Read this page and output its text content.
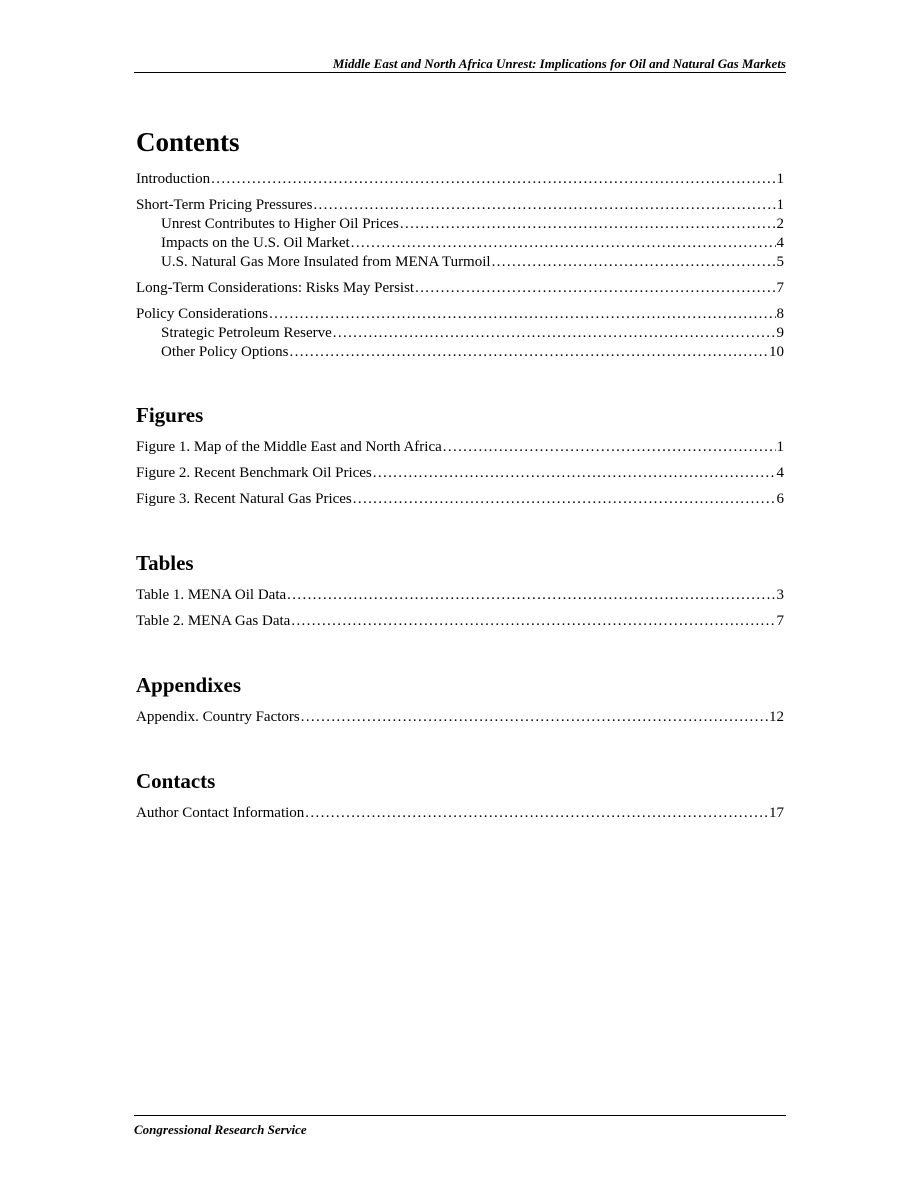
Middle East and North Africa Unrest: Implications for Oil and Natural Gas Markets
Contents
Introduction . . .	1
Short-Term Pricing Pressures . . .	1
Unrest Contributes to Higher Oil Prices . . .	2
Impacts on the U.S. Oil Market . . .	4
U.S. Natural Gas More Insulated from MENA Turmoil . . .	5
Long-Term Considerations: Risks May Persist . . .	7
Policy Considerations . . .	8
Strategic Petroleum Reserve . . .	9
Other Policy Options . . .	10
Figures
Figure 1. Map of the Middle East and North Africa . . .	1
Figure 2. Recent Benchmark Oil Prices . . .	4
Figure 3. Recent Natural Gas Prices . . .	6
Tables
Table 1. MENA Oil Data . . .	3
Table 2. MENA Gas Data . . .	7
Appendixes
Appendix. Country Factors . . .	12
Contacts
Author Contact Information . . .	17
Congressional Research Service
